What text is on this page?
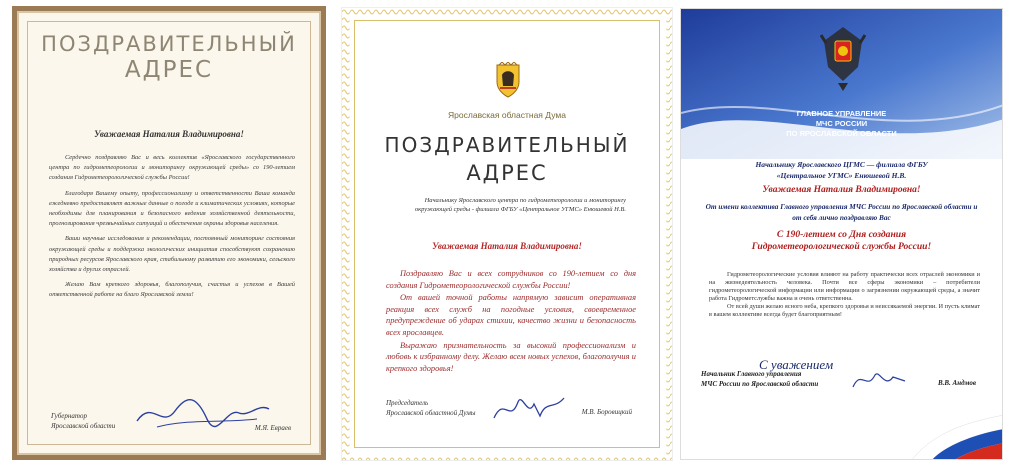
ПОЗДРАВИТЕЛЬНЫЙ
АДРЕС
Уважаемая Наталия Владимировна!

Сердечно поздравляю Вас и весь коллектив «Ярославского государственного центра по гидрометеорологии и мониторингу окружающей среды» со 190-летием создания Гидрометеорологической службы России!

Благодаря Вашему опыту, профессионализму и ответственности Ваша команда ежедневно предоставляет важные данные о погоде и климатических условиях, которые необходимы для планирования и безопасного ведения хозяйственной деятельности, прогнозирования чрезвычайных ситуаций и обеспечения охраны здоровья населения.

Ваши научные исследования и рекомендации, постоянный мониторинг состояния окружающей среды и поддержка экологических инициатив способствуют сохранению природных ресурсов Ярославского края, стабильному развитию его экономики, сельского хозяйства и других отраслей.

Желаю Вам крепкого здоровья, благополучия, счастья и успехов в Вашей ответственной работе на благо Ярославской земли!

Губернатор
Ярославской области	М.Я. Евраев
Ярославская областная Дума
ПОЗДРАВИТЕЛЬНЫЙ
АДРЕС
Начальнику Ярославского центра по гидрометеорологии и мониторингу окружающей среды - филиала ФГБУ «Центральное УГМС» Енюшевой Н.В.
Уважаемая Наталия Владимировна!

Поздравляю Вас и всех сотрудников со 190-летием со дня создания Гидрометеорологической службы России!

От вашей точной работы напрямую зависит оперативная реакция всех служб на погодные условия, своевременное предупреждение об ударах стихии, качество жизни и безопасность всех ярославцев.

Выражаю признательность за высокий профессионализм и любовь к избранному делу. Желаю всем новых успехов, благополучия и крепкого здоровья!

Председатель
Ярославской областной Думы	М.В. Боровицкий
ГЛАВНОЕ УПРАВЛЕНИЕ
МЧС РОССИИ
ПО ЯРОСЛАВСКОЙ ОБЛАСТИ
Начальнику Ярославского ЦГМС — филиала ФГБУ
«Центральное УГМС» Енюшевой Н.В.
Уважаемая Наталия Владимировна!
От имени коллектива Главного управления МЧС России по Ярославской области и от себя лично поздравляю Вас
С 190-летием со Дня создания
Гидрометеорологической службы России!

Гидрометеорологические условия влияют на работу практически всех отраслей экономики и на жизнедеятельность человека. Почти все сферы экономики – потребители гидрометеорологической информации или информации о загрязнении окружающей среды, а значит работа Гидрометслужбы важна и очень ответственна.

От всей души желаю ясного неба, крепкого здоровья и неиссякаемой энергии. И пусть климат в вашем коллективе всегда будет благоприятным!

С уважением
Начальник Главного управления
МЧС России по Ярославской области	В.В. Андмов
